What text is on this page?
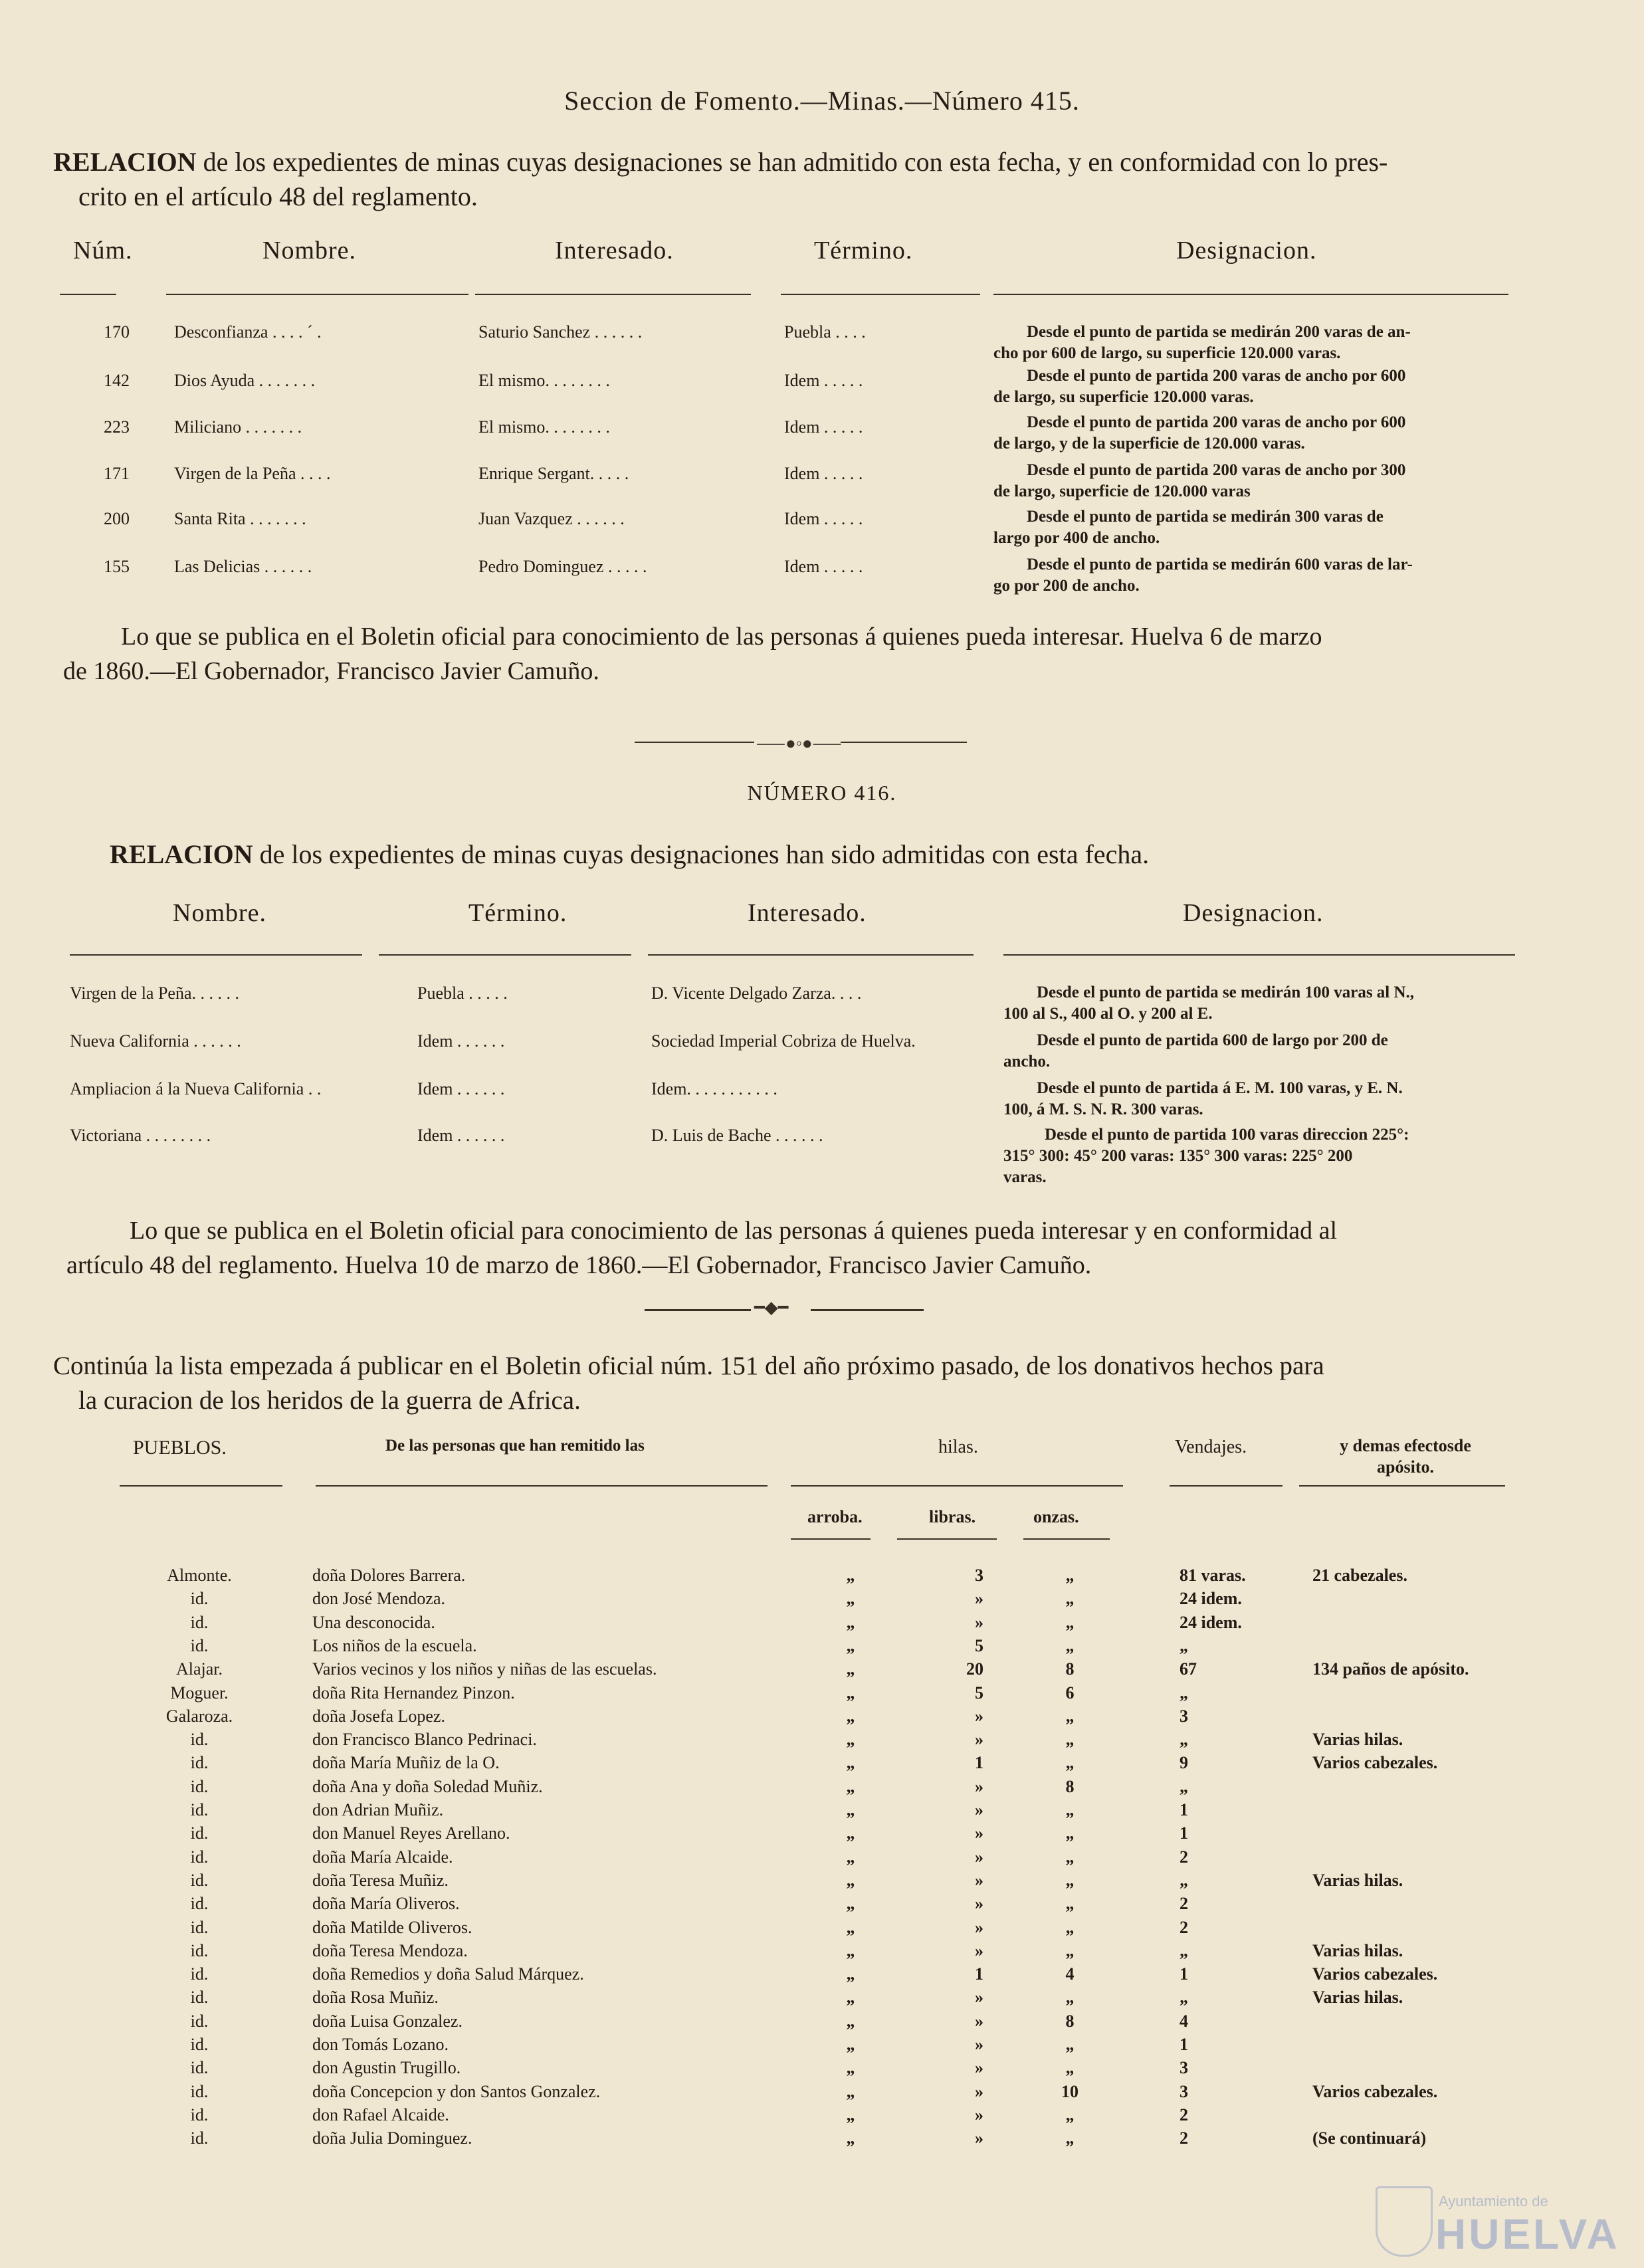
Seccion de Fomento.—Minas.—Número 415.
RELACION de los expedientes de minas cuyas designaciones se han admitido con esta fecha, y en conformidad con lo pres-
crito en el artículo 48 del reglamento.
Núm.	Nombre.	Interesado.	Término.	Designacion.
170	Desconfianza . . . . ´ .	Saturio Sanchez . . . . . .	Puebla . . . .	Desde el punto de partida se medirán 200 varas de an-
cho por 600 de largo, su superficie 120.000 varas.
142	Dios Ayuda . . . . . . .	El mismo. . . . . . . .	Idem . . . . .	Desde el punto de partida 200 varas de ancho por 600
de largo, su superficie 120.000 varas.
223	Miliciano . . . . . . .	El mismo. . . . . . . .	Idem . . . . .	Desde el punto de partida 200 varas de ancho por 600
de largo, y de la superficie de 120.000 varas.
171	Virgen de la Peña . . . .	Enrique Sergant. . . . .	Idem . . . . .	Desde el punto de partida 200 varas de ancho por 300
de largo, superficie de 120.000 varas
200	Santa Rita . . . . . . .	Juan Vazquez . . . . . .	Idem . . . . .	Desde el punto de partida se medirán 300 varas de
largo por 400 de ancho.
155	Las Delicias . . . . . .	Pedro Dominguez . . . . .	Idem . . . . .	Desde el punto de partida se medirán 600 varas de lar-
go por 200 de ancho.
Lo que se publica en el Boletin oficial para conocimiento de las personas á quienes pueda interesar. Huelva 6 de marzo
de 1860.—El Gobernador, Francisco Javier Camuño.
⸺●◦●⸺
NÚMERO 416.
RELACION de los expedientes de minas cuyas designaciones han sido admitidas con esta fecha.
Nombre.	Término.	Interesado.	Designacion.
Virgen de la Peña. . . . . .	Puebla . . . . .	D. Vicente Delgado Zarza. . . .	Desde el punto de partida se medirán 100 varas al N.,
100 al S., 400 al O. y 200 al E.
Nueva California . . . . . .	Idem . . . . . .	Sociedad Imperial Cobriza de Huelva.	Desde el punto de partida 600 de largo por 200 de
ancho.
Ampliacion á la Nueva California . .	Idem . . . . . .	Idem. . . . . . . . . . .	Desde el punto de partida á E. M. 100 varas, y E. N.
100, á M. S. N. R. 300 varas.
Victoriana . . . . . . . .	Idem . . . . . .	D. Luis de Bache . . . . . .	Desde el punto de partida 100 varas direccion 225°:
315° 300: 45° 200 varas: 135° 300 varas: 225° 200
varas.
Lo que se publica en el Boletin oficial para conocimiento de las personas á quienes pueda interesar y en conformidad al
artículo 48 del reglamento. Huelva 10 de marzo de 1860.—El Gobernador, Francisco Javier Camuño.
━◆━
Continúa la lista empezada á publicar en el Boletin oficial núm. 151 del año próximo pasado, de los donativos hechos para
la curacion de los heridos de la guerra de Africa.
PUEBLOS.	De las personas que han remitido las	hilas.	Vendajes.	y demas efectosde
apósito.
arroba.	libras.	onzas.
Almonte.	doña Dolores Barrera.	„	3	„	81 varas.	21 cabezales.
id.	don José Mendoza.	„	»	„	24 idem.
id.	Una desconocida.	„	»	„	24 idem.
id.	Los niños de la escuela.	„	5	„	„
Alajar.	Varios vecinos y los niños y niñas de las escuelas.	„	20	8	67	134 paños de apósito.
Moguer.	doña Rita Hernandez Pinzon.	„	5	6	„
Galaroza.	doña Josefa Lopez.	„	»	„	3
id.	don Francisco Blanco Pedrinaci.	„	»	„	„	Varias hilas.
id.	doña María Muñiz de la O.	„	1	„	9	Varios cabezales.
id.	doña Ana y doña Soledad Muñiz.	„	»	8	„
id.	don Adrian Muñiz.	„	»	„	1
id.	don Manuel Reyes Arellano.	„	»	„	1
id.	doña María Alcaide.	„	»	„	2
id.	doña Teresa Muñiz.	„	»	„	„	Varias hilas.
id.	doña María Oliveros.	„	»	„	2
id.	doña Matilde Oliveros.	„	»	„	2
id.	doña Teresa Mendoza.	„	»	„	„	Varias hilas.
id.	doña Remedios y doña Salud Márquez.	„	1	4	1	Varios cabezales.
id.	doña Rosa Muñiz.	„	»	„	„	Varias hilas.
id.	doña Luisa Gonzalez.	„	»	8	4
id.	don Tomás Lozano.	„	»	„	1
id.	don Agustin Trugillo.	„	»	„	3
id.	doña Concepcion y don Santos Gonzalez.	„	»	10	3	Varios cabezales.
id.	don Rafael Alcaide.	„	»	„	2
id.	doña Julia Dominguez.	„	»	„	2	(Se continuará)
Ayuntamiento de
HUELVA
